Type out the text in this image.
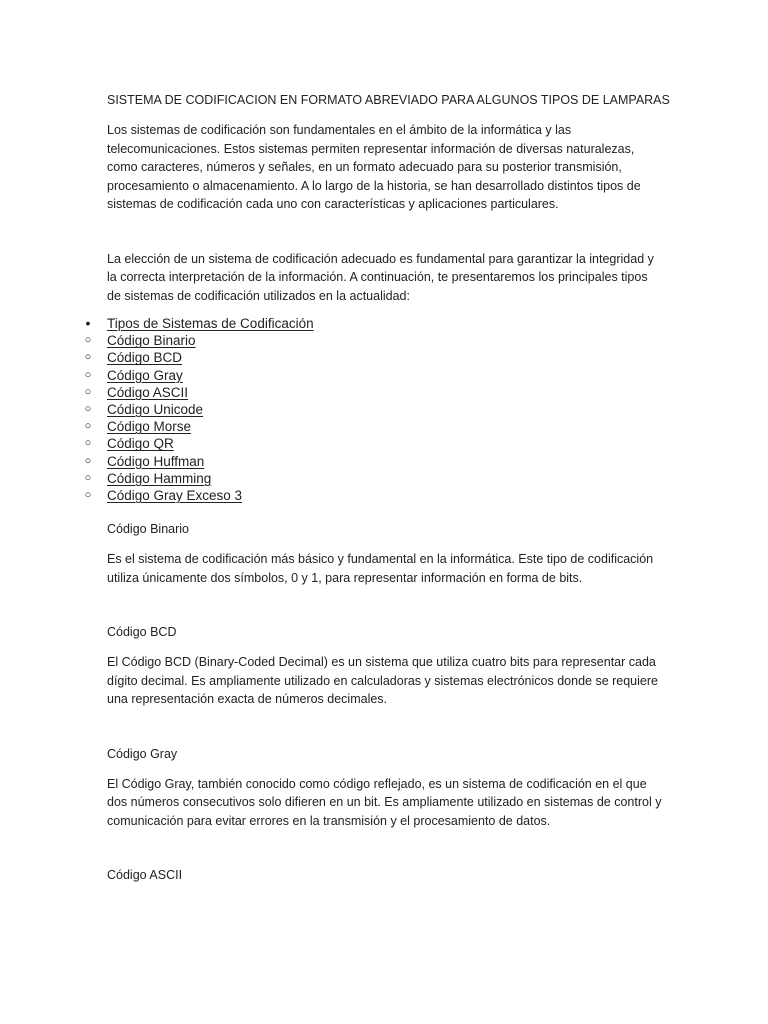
SISTEMA DE CODIFICACION EN FORMATO ABREVIADO PARA ALGUNOS TIPOS DE LAMPARAS

Los sistemas de codificación son fundamentales en el ámbito de la informática y las telecomunicaciones. Estos sistemas permiten representar información de diversas naturalezas, como caracteres, números y señales, en un formato adecuado para su posterior transmisión, procesamiento o almacenamiento. A lo largo de la historia, se han desarrollado distintos tipos de sistemas de codificación cada uno con características y aplicaciones particulares.

La elección de un sistema de codificación adecuado es fundamental para garantizar la integridad y la correcta interpretación de la información. A continuación, te presentaremos los principales tipos de sistemas de codificación utilizados en la actualidad:

• Tipos de Sistemas de Codificación
○ Código Binario
○ Código BCD
○ Código Gray
○ Código ASCII
○ Código Unicode
○ Código Morse
○ Código QR
○ Código Huffman
○ Código Hamming
○ Código Gray Exceso 3

Código Binario

Es el sistema de codificación más básico y fundamental en la informática. Este tipo de codificación utiliza únicamente dos símbolos, 0 y 1, para representar información en forma de bits.

Código BCD

El Código BCD (Binary-Coded Decimal) es un sistema que utiliza cuatro bits para representar cada dígito decimal. Es ampliamente utilizado en calculadoras y sistemas electrónicos donde se requiere una representación exacta de números decimales.

Código Gray

El Código Gray, también conocido como código reflejado, es un sistema de codificación en el que dos números consecutivos solo difieren en un bit. Es ampliamente utilizado en sistemas de control y comunicación para evitar errores en la transmisión y el procesamiento de datos.

Código ASCII
